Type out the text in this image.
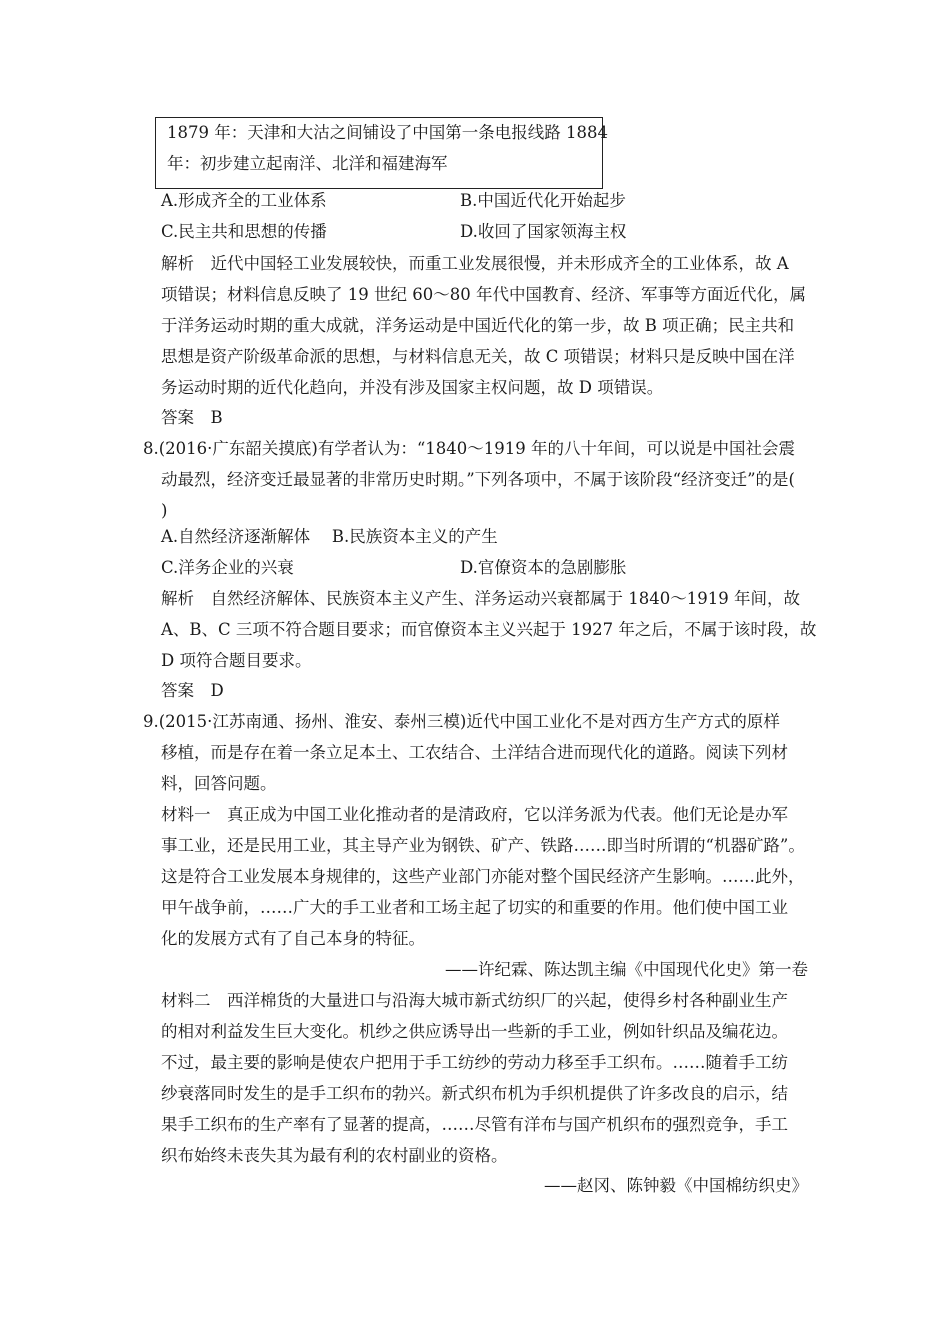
1879 年：天津和大沽之间铺设了中国第一条电报线路 1884
年：初步建立起南洋、北洋和福建海军
A.形成齐全的工业体系	B.中国近代化开始起步
C.民主共和思想的传播	D.收回了国家领海主权
解析　近代中国轻工业发展较快，而重工业发展很慢，并未形成齐全的工业体系，故 A
项错误；材料信息反映了 19 世纪 60～80 年代中国教育、经济、军事等方面近代化，属
于洋务运动时期的重大成就，洋务运动是中国近代化的第一步，故 B 项正确；民主共和
思想是资产阶级革命派的思想，与材料信息无关，故 C 项错误；材料只是反映中国在洋
务运动时期的近代化趋向，并没有涉及国家主权问题，故 D 项错误。
答案　B
8.(2016·广东韶关摸底)有学者认为：“1840～1919 年的八十年间，可以说是中国社会震
动最烈，经济变迁最显著的非常历史时期。”下列各项中，不属于该阶段“经济变迁”的是(
)
A.自然经济逐渐解体　 B.民族资本主义的产生
C.洋务企业的兴衰	D.官僚资本的急剧膨胀
解析　自然经济解体、民族资本主义产生、洋务运动兴衰都属于 1840～1919 年间，故
A、B、C 三项不符合题目要求；而官僚资本主义兴起于 1927 年之后，不属于该时段，故
D 项符合题目要求。
答案　D
9.(2015·江苏南通、扬州、淮安、泰州三模)近代中国工业化不是对西方生产方式的原样
移植，而是存在着一条立足本土、工农结合、土洋结合进而现代化的道路。阅读下列材
料，回答问题。
材料一　真正成为中国工业化推动者的是清政府，它以洋务派为代表。他们无论是办军
事工业，还是民用工业，其主导产业为钢铁、矿产、铁路……即当时所谓的“机器矿路”。
这是符合工业发展本身规律的，这些产业部门亦能对整个国民经济产生影响。……此外，
甲午战争前，……广大的手工业者和工场主起了切实的和重要的作用。他们使中国工业
化的发展方式有了自己本身的特征。
——许纪霖、陈达凯主编《中国现代化史》第一卷
材料二　西洋棉货的大量进口与沿海大城市新式纺织厂的兴起，使得乡村各种副业生产
的相对利益发生巨大变化。机纱之供应诱导出一些新的手工业，例如针织品及编花边。
不过，最主要的影响是使农户把用于手工纺纱的劳动力移至手工织布。……随着手工纺
纱衰落同时发生的是手工织布的勃兴。新式织布机为手织机提供了许多改良的启示，结
果手工织布的生产率有了显著的提高，……尽管有洋布与国产机织布的强烈竞争，手工
织布始终未丧失其为最有利的农村副业的资格。
——赵冈、陈钟毅《中国棉纺织史》
